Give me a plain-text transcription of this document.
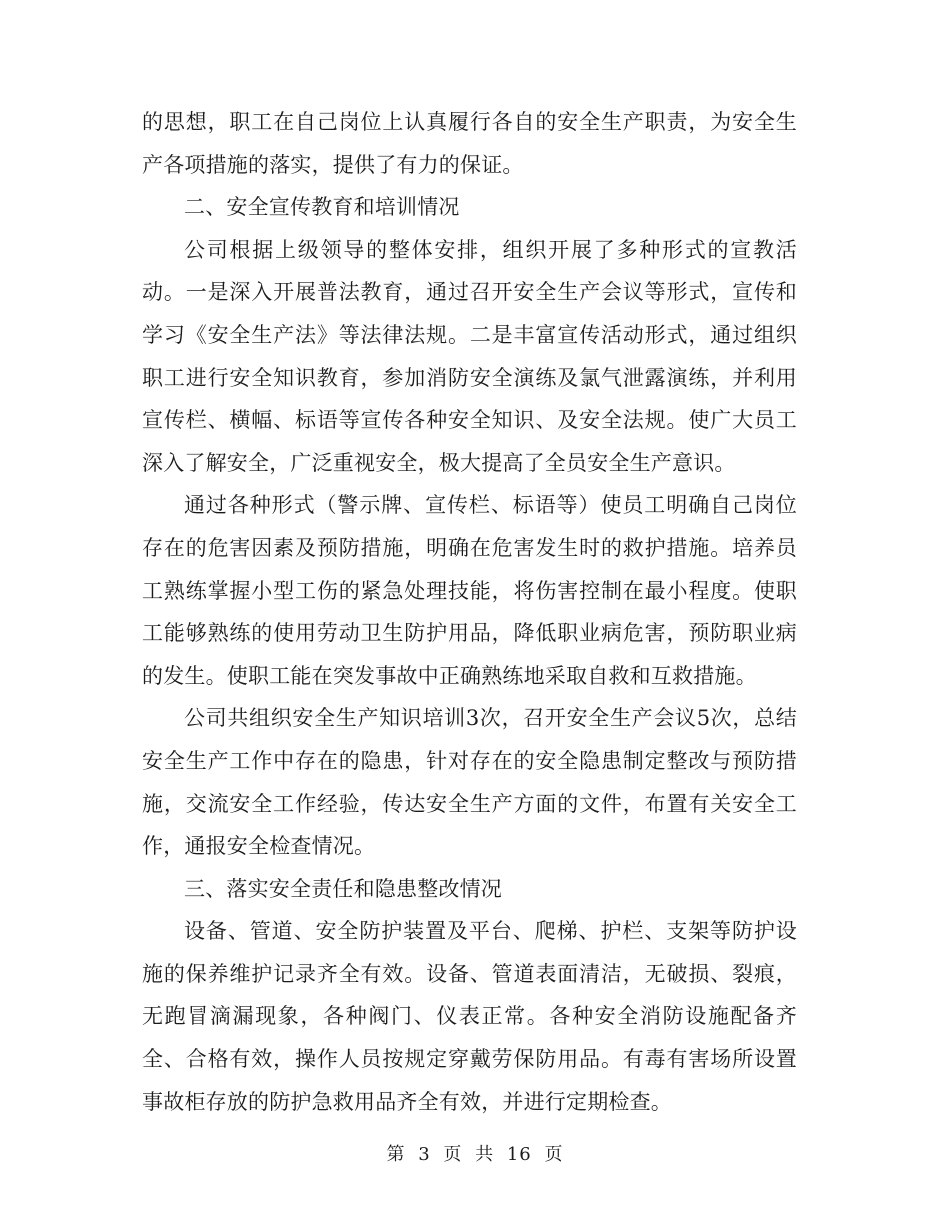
的思想，职工在自己岗位上认真履行各自的安全生产职责，为安全生产各项措施的落实，提供了有力的保证。

二、安全宣传教育和培训情况

公司根据上级领导的整体安排，组织开展了多种形式的宣教活动。一是深入开展普法教育，通过召开安全生产会议等形式，宣传和学习《安全生产法》等法律法规。二是丰富宣传活动形式，通过组织职工进行安全知识教育，参加消防安全演练及氯气泄露演练，并利用宣传栏、横幅、标语等宣传各种安全知识、及安全法规。使广大员工深入了解安全，广泛重视安全，极大提高了全员安全生产意识。

通过各种形式（警示牌、宣传栏、标语等）使员工明确自己岗位存在的危害因素及预防措施，明确在危害发生时的救护措施。培养员工熟练掌握小型工伤的紧急处理技能，将伤害控制在最小程度。使职工能够熟练的使用劳动卫生防护用品，降低职业病危害，预防职业病的发生。使职工能在突发事故中正确熟练地采取自救和互救措施。

公司共组织安全生产知识培训3次，召开安全生产会议5次，总结安全生产工作中存在的隐患，针对存在的安全隐患制定整改与预防措施，交流安全工作经验，传达安全生产方面的文件，布置有关安全工作，通报安全检查情况。

三、落实安全责任和隐患整改情况

设备、管道、安全防护装置及平台、爬梯、护栏、支架等防护设施的保养维护记录齐全有效。设备、管道表面清洁，无破损、裂痕，无跑冒滴漏现象，各种阀门、仪表正常。各种安全消防设施配备齐全、合格有效，操作人员按规定穿戴劳保防用品。有毒有害场所设置事故柜存放的防护急救用品齐全有效，并进行定期检查。

第 3 页 共 16 页
